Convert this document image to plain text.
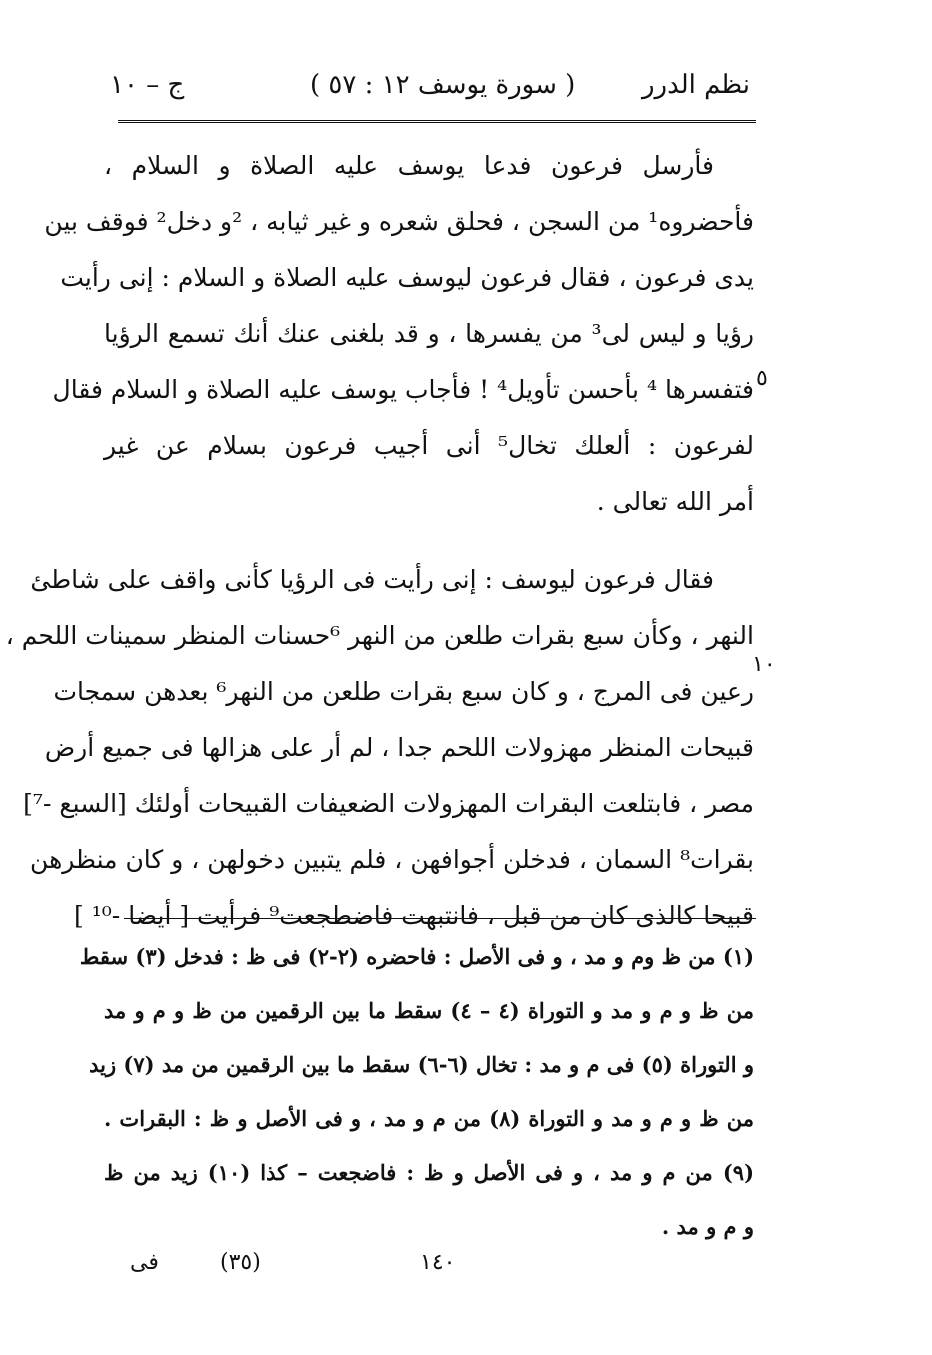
ج – ١٠	( سورة يوسف ١٢ : ٥٧ )	نظم الدرر
فأرسل فرعون فدعا يوسف عليه الصلاة و السلام ،
فأحضروه¹ من السجن ، فحلق شعره و غير ثيابه ، ²و دخل² فوقف بين
يدى فرعون ، فقال فرعون ليوسف عليه الصلاة و السلام : إنى رأيت
رؤيا و ليس لى³ من يفسرها ، و قد بلغنى عنك أنك تسمع الرؤيا
فتفسرها ⁴ بأحسن تأويل⁴ ! فأجاب يوسف عليه الصلاة و السلام فقال
لفرعون : ألعلك تخال⁵ أنى أجيب فرعون بسلام عن غير
أمر الله تعالى .
فقال فرعون ليوسف : إنى رأيت فى الرؤيا كأنى واقف على شاطئ
النهر ، وكأن سبع بقرات طلعن من النهر ⁶حسنات المنظر سمينات اللحم ،
رعين فى المرج ، و كان سبع بقرات طلعن من النهر⁶ بعدهن سمجات
قبيحات المنظر مهزولات اللحم جدا ، لم أر على هزالها فى جميع أرض
مصر ، فابتلعت البقرات المهزولات الضعيفات القبيحات أولئك [السبع -⁷]
بقرات⁸ السمان ، فدخلن أجوافهن ، فلم يتبين دخولهن ، و كان منظرهن
قبيحا كالذى كان من قبل ، فانتبهت فاضطجعت⁹ فرأيت [ أيضا -¹⁰ ]
٥
١٠
(١) من ظ وم و مد ، و فى الأصل : فاحضره (٢-٢) فى ظ : فدخل (٣) سقط
من ظ و م و مد و التوراة (٤ – ٤) سقط ما بين الرقمين من ظ و م و مد
و التوراة (٥) فى م و مد : تخال (٦-٦) سقط ما بين الرقمين من مد (٧) زيد
من ظ و م و مد و التوراة (٨) من م و مد ، و فى الأصل و ظ : البقرات .
(٩) من م و مد ، و فى الأصل و ظ : فاضجعت – كذا (١٠) زيد من ظ
و م و مد .
فى	(٣٥)	١٤٠
